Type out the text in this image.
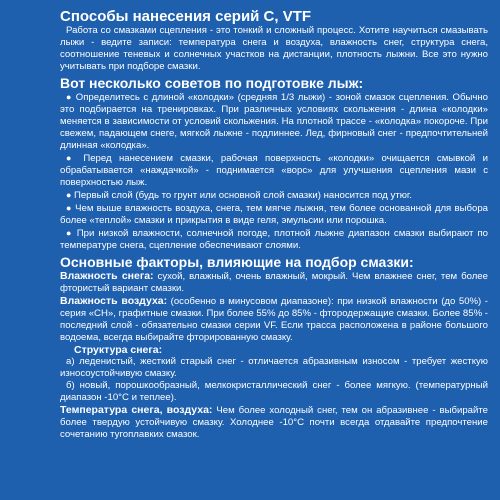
Способы нанесения серий С, VTF

Работа со смазками сцепления - это тонкий и сложный процесс. Хотите научиться смазывать лыжи - ведите записи: температура снега и воздуха, влажность снег, структура снега, соотношение теневых и солнечных участков на дистанции, плотность лыжни. Все это нужно учитывать при подборе смазки.

Вот несколько советов по подготовке лыж:

● Определитесь с длиной «колодки» (средняя 1/3 лыжи) - зоной смазок сцепления. Обычно это подбирается на тренировках. При различных условиях скольжения - длина «колодки» меняется в зависимости от условий скольжения. На плотной трассе - «колодка» покороче. При свежем, падающем снеге, мягкой лыжне - подлиннее. Лед, фирновый снег - предпочтительней длинная «колодка».

● Перед нанесением смазки, рабочая поверхность «колодки» очищается смывкой и обрабатывается «наждачкой» - поднимается «ворс» для улучшения сцепления мази с поверхностью лыж.

● Первый слой (будь то грунт или основной слой смазки) наносится под утюг.

● Чем выше влажность воздуха, снега, тем мягче лыжня, тем более основанной для выбора более «теплой» смазки и прикрытия в виде геля, эмульсии или порошка.

● При низкой влажности, солнечной погоде, плотной лыжне диапазон смазки выбирают по температуре снега, сцепление обеспечивают слоями.

Основные факторы, влияющие на подбор смазки:

Влажность снега: сухой, влажный, очень влажный, мокрый. Чем влажнее снег, тем более фтористый вариант смазки.

Влажность воздуха: (особенно в минусовом диапазоне): при низкой влажности (до 50%) - серия «СН», графитные смазки. При более 55% до 85% - фтородержащие смазки. Более 85% - последний слой - обязательно смазки серии VF. Если трасса расположена в районе большого водоема, всегда выбирайте фторированную смазку.

Структура снега:

а) леденистый, жесткий старый снег - отличается абразивным износом - требует жесткую износоустойчивую смазку.

б) новый, порошкообразный, мелкокристаллический снег - более мягкую. (температурный диапазон -10°С и теплее).

Температура снега, воздуха: Чем более холодный снег, тем он абразивнее - выбирайте более твердую устойчивую смазку. Холоднее -10°С почти всегда отдавайте предпочтение сочетанию тугоплавких смазок.
